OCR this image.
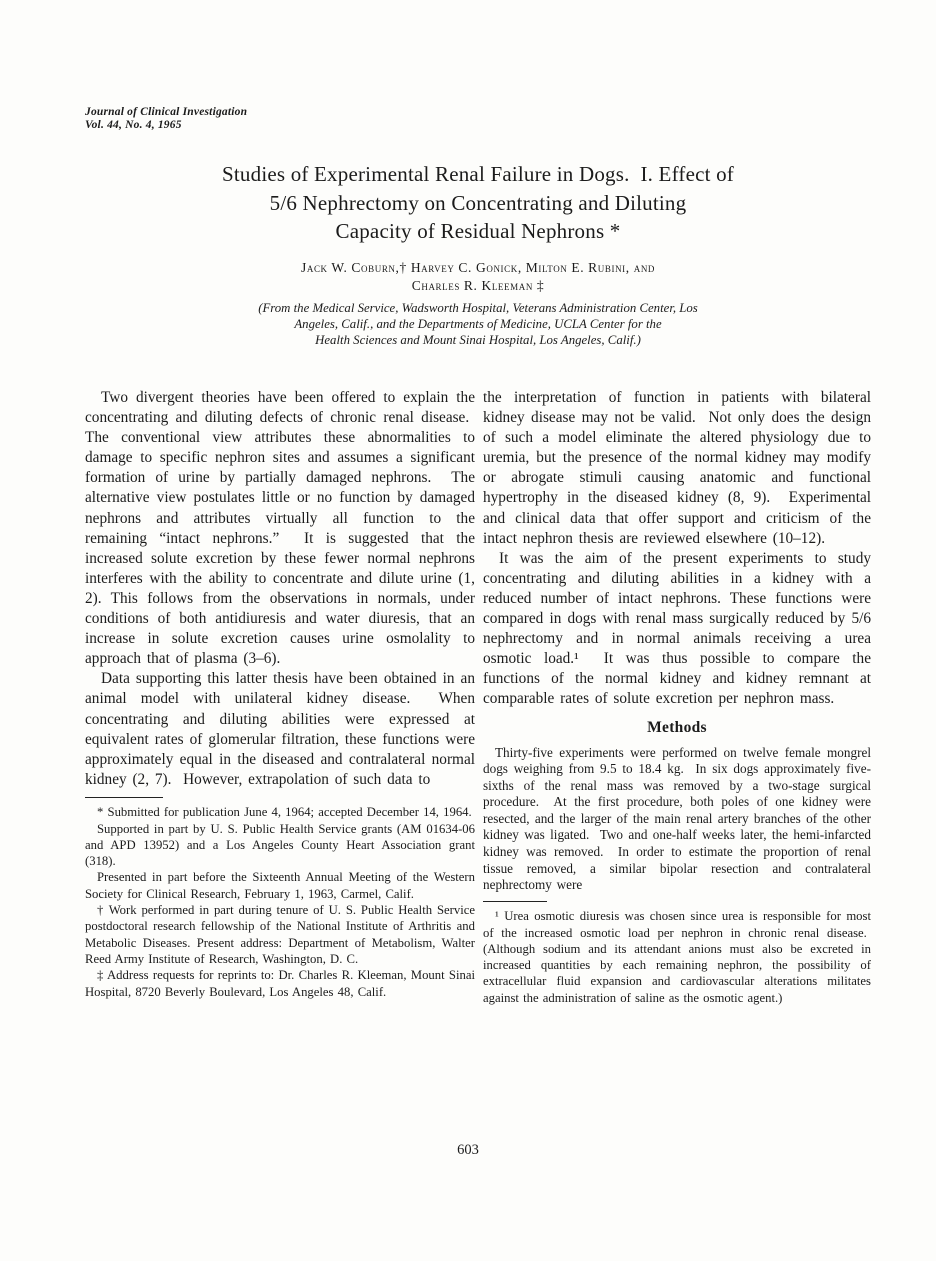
Journal of Clinical Investigation
Vol. 44, No. 4, 1965
Studies of Experimental Renal Failure in Dogs.  I. Effect of
5/6 Nephrectomy on Concentrating and Diluting
Capacity of Residual Nephrons *
Jack W. Coburn,† Harvey C. Gonick, Milton E. Rubini, and
Charles R. Kleeman ‡
(From the Medical Service, Wadsworth Hospital, Veterans Administration Center, Los
Angeles, Calif., and the Departments of Medicine, UCLA Center for the
Health Sciences and Mount Sinai Hospital, Los Angeles, Calif.)

Two divergent theories have been offered to explain the concentrating and diluting defects of chronic renal disease.  The conventional view attributes these abnormalities to damage to specific nephron sites and assumes a significant formation of urine by partially damaged nephrons.  The alternative view postulates little or no function by damaged nephrons and attributes virtually all function to the remaining “intact nephrons.”  It is suggested that the increased solute excretion by these fewer normal nephrons interferes with the ability to concentrate and dilute urine (1, 2). This follows from the observations in normals, under conditions of both antidiuresis and water diuresis, that an increase in solute excretion causes urine osmolality to approach that of plasma (3–6).

Data supporting this latter thesis have been obtained in an animal model with unilateral kidney disease.  When concentrating and diluting abilities were expressed at equivalent rates of glomerular filtration, these functions were approximately equal in the diseased and contralateral normal kidney (2, 7).  However, extrapolation of such data to

* Submitted for publication June 4, 1964; accepted December 14, 1964.

Supported in part by U. S. Public Health Service grants (AM 01634-06 and APD 13952) and a Los Angeles County Heart Association grant (318).

Presented in part before the Sixteenth Annual Meeting of the Western Society for Clinical Research, February 1, 1963, Carmel, Calif.

† Work performed in part during tenure of U. S. Public Health Service postdoctoral research fellowship of the National Institute of Arthritis and Metabolic Diseases. Present address: Department of Metabolism, Walter Reed Army Institute of Research, Washington, D. C.

‡ Address requests for reprints to: Dr. Charles R. Kleeman, Mount Sinai Hospital, 8720 Beverly Boulevard, Los Angeles 48, Calif.

the interpretation of function in patients with bilateral kidney disease may not be valid.  Not only does the design of such a model eliminate the altered physiology due to uremia, but the presence of the normal kidney may modify or abrogate stimuli causing anatomic and functional hypertrophy in the diseased kidney (8, 9).  Experimental and clinical data that offer support and criticism of the intact nephron thesis are reviewed elsewhere (10–12).

It was the aim of the present experiments to study concentrating and diluting abilities in a kidney with a reduced number of intact nephrons. These functions were compared in dogs with renal mass surgically reduced by 5/6 nephrectomy and in normal animals receiving a urea osmotic load.¹  It was thus possible to compare the functions of the normal kidney and kidney remnant at comparable rates of solute excretion per nephron mass.

Methods

Thirty-five experiments were performed on twelve female mongrel dogs weighing from 9.5 to 18.4 kg.  In six dogs approximately five-sixths of the renal mass was removed by a two-stage surgical procedure.  At the first procedure, both poles of one kidney were resected, and the larger of the main renal artery branches of the other kidney was ligated.  Two and one-half weeks later, the hemi-infarcted kidney was removed.  In order to estimate the proportion of renal tissue removed, a similar bipolar resection and contralateral nephrectomy were

¹ Urea osmotic diuresis was chosen since urea is responsible for most of the increased osmotic load per nephron in chronic renal disease.  (Although sodium and its attendant anions must also be excreted in increased quantities by each remaining nephron, the possibility of extracellular fluid expansion and cardiovascular alterations militates against the administration of saline as the osmotic agent.)

603
